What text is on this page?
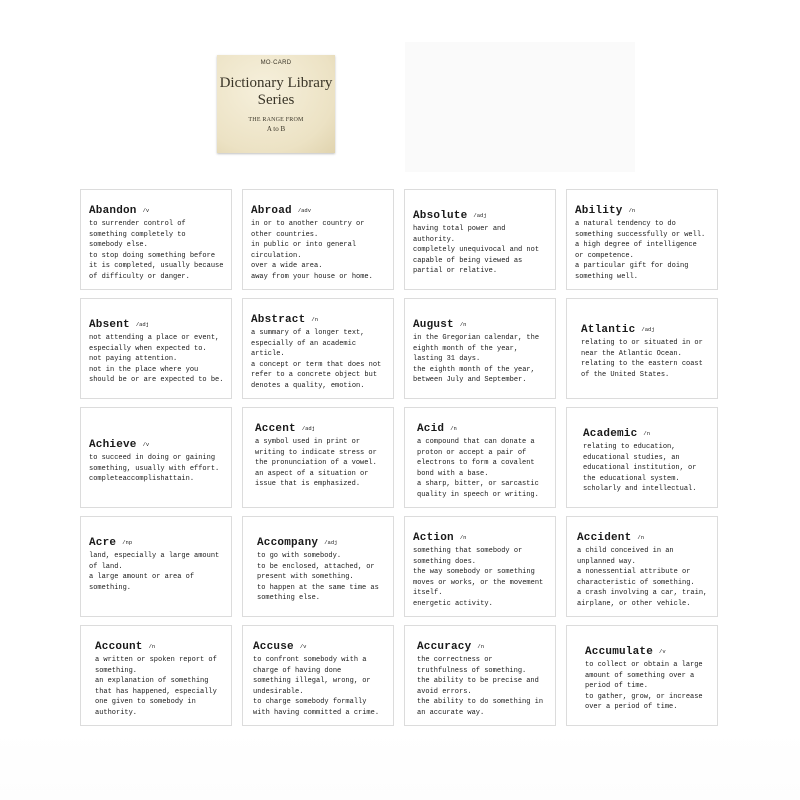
MO·CARD
Dictionary Library
Series
THE RANGE FROM
A to B
Abandon /v
to surrender control of
something completely to
somebody else.
to stop doing something before
it is completed, usually because
of difficulty or danger.
Abroad /adv
in or to another country or
other countries.
in public or into general
circulation.
over a wide area.
away from your house or home.
Absolute /adj
having total power and
authority.
completely unequivocal and not
capable of being viewed as
partial or relative.
Ability /n
a natural tendency to do
something successfully or well.
a high degree of intelligence
or competence.
a particular gift for doing
something well.
Absent /adj
not attending a place or event,
especially when expected to.
not paying attention.
not in the place where you
should be or are expected to be.
Abstract /n
a summary of a longer text,
especially of an academic
article.
a concept or term that does not
refer to a concrete object but
denotes a quality, emotion.
August /n
in the Gregorian calendar, the
eighth month of the year,
lasting 31 days.
the eighth month of the year,
between July and September.
Atlantic /adj
relating to or situated in or
near the Atlantic Ocean.
relating to the eastern coast
of the United States.
Achieve /v
to succeed in doing or gaining
something, usually with effort.
completeaccomplishattain.
Accent /adj
a symbol used in print or
writing to indicate stress or
the pronunciation of a vowel.
an aspect of a situation or
issue that is emphasized.
Acid /n
a compound that can donate a
proton or accept a pair of
electrons to form a covalent
bond with a base.
a sharp, bitter, or sarcastic
quality in speech or writing.
Academic /n
relating to education,
educational studies, an
educational institution, or
the educational system.
scholarly and intellectual.
Acre /np
land, especially a large amount
of land.
a large amount or area of
something.
Accompany /adj
to go with somebody.
to be enclosed, attached, or
present with something.
to happen at the same time as
something else.
Action /n
something that somebody or
something does.
the way somebody or something
moves or works, or the movement
itself.
energetic activity.
Accident /n
a child conceived in an
unplanned way.
a nonessential attribute or
characteristic of something.
a crash involving a car, train,
airplane, or other vehicle.
Account /n
a written or spoken report of
something.
an explanation of something
that has happened, especially
one given to somebody in
authority.
Accuse /v
to confront somebody with a
charge of having done
something illegal, wrong, or
undesirable.
to charge somebody formally
with having committed a crime.
Accuracy /n
the correctness or
truthfulness of something.
the ability to be precise and
avoid errors.
the ability to do something in
an accurate way.
Accumulate /v
to collect or obtain a large
amount of something over a
period of time.
to gather, grow, or increase
over a period of time.
